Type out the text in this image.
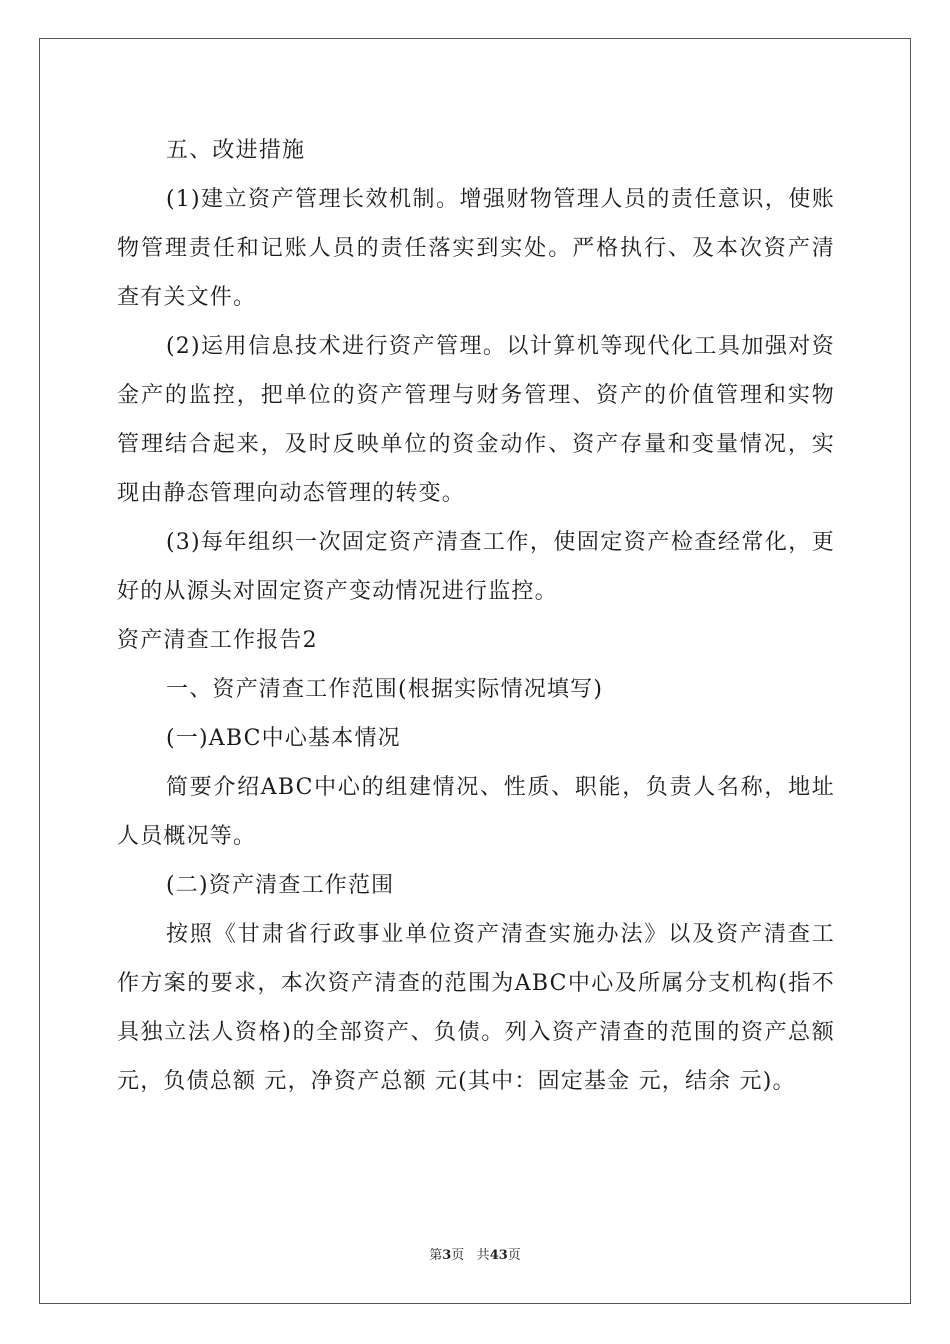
五、改进措施

(1)建立资产管理长效机制。增强财物管理人员的责任意识，使账物管理责任和记账人员的责任落实到实处。严格执行、及本次资产清查有关文件。

(2)运用信息技术进行资产管理。以计算机等现代化工具加强对资金产的监控，把单位的资产管理与财务管理、资产的价值管理和实物管理结合起来，及时反映单位的资金动作、资产存量和变量情况，实现由静态管理向动态管理的转变。

(3)每年组织一次固定资产清查工作，使固定资产检查经常化，更好的从源头对固定资产变动情况进行监控。

资产清查工作报告2

一、资产清查工作范围(根据实际情况填写)

(一)ABC中心基本情况

简要介绍ABC中心的组建情况、性质、职能，负责人名称，地址人员概况等。

(二)资产清查工作范围

按照《甘肃省行政事业单位资产清查实施办法》以及资产清查工作方案的要求，本次资产清查的范围为ABC中心及所属分支机构(指不具独立法人资格)的全部资产、负债。列入资产清查的范围的资产总额 元，负债总额 元，净资产总额 元(其中：固定基金 元，结余 元)。

第3页 共43页
